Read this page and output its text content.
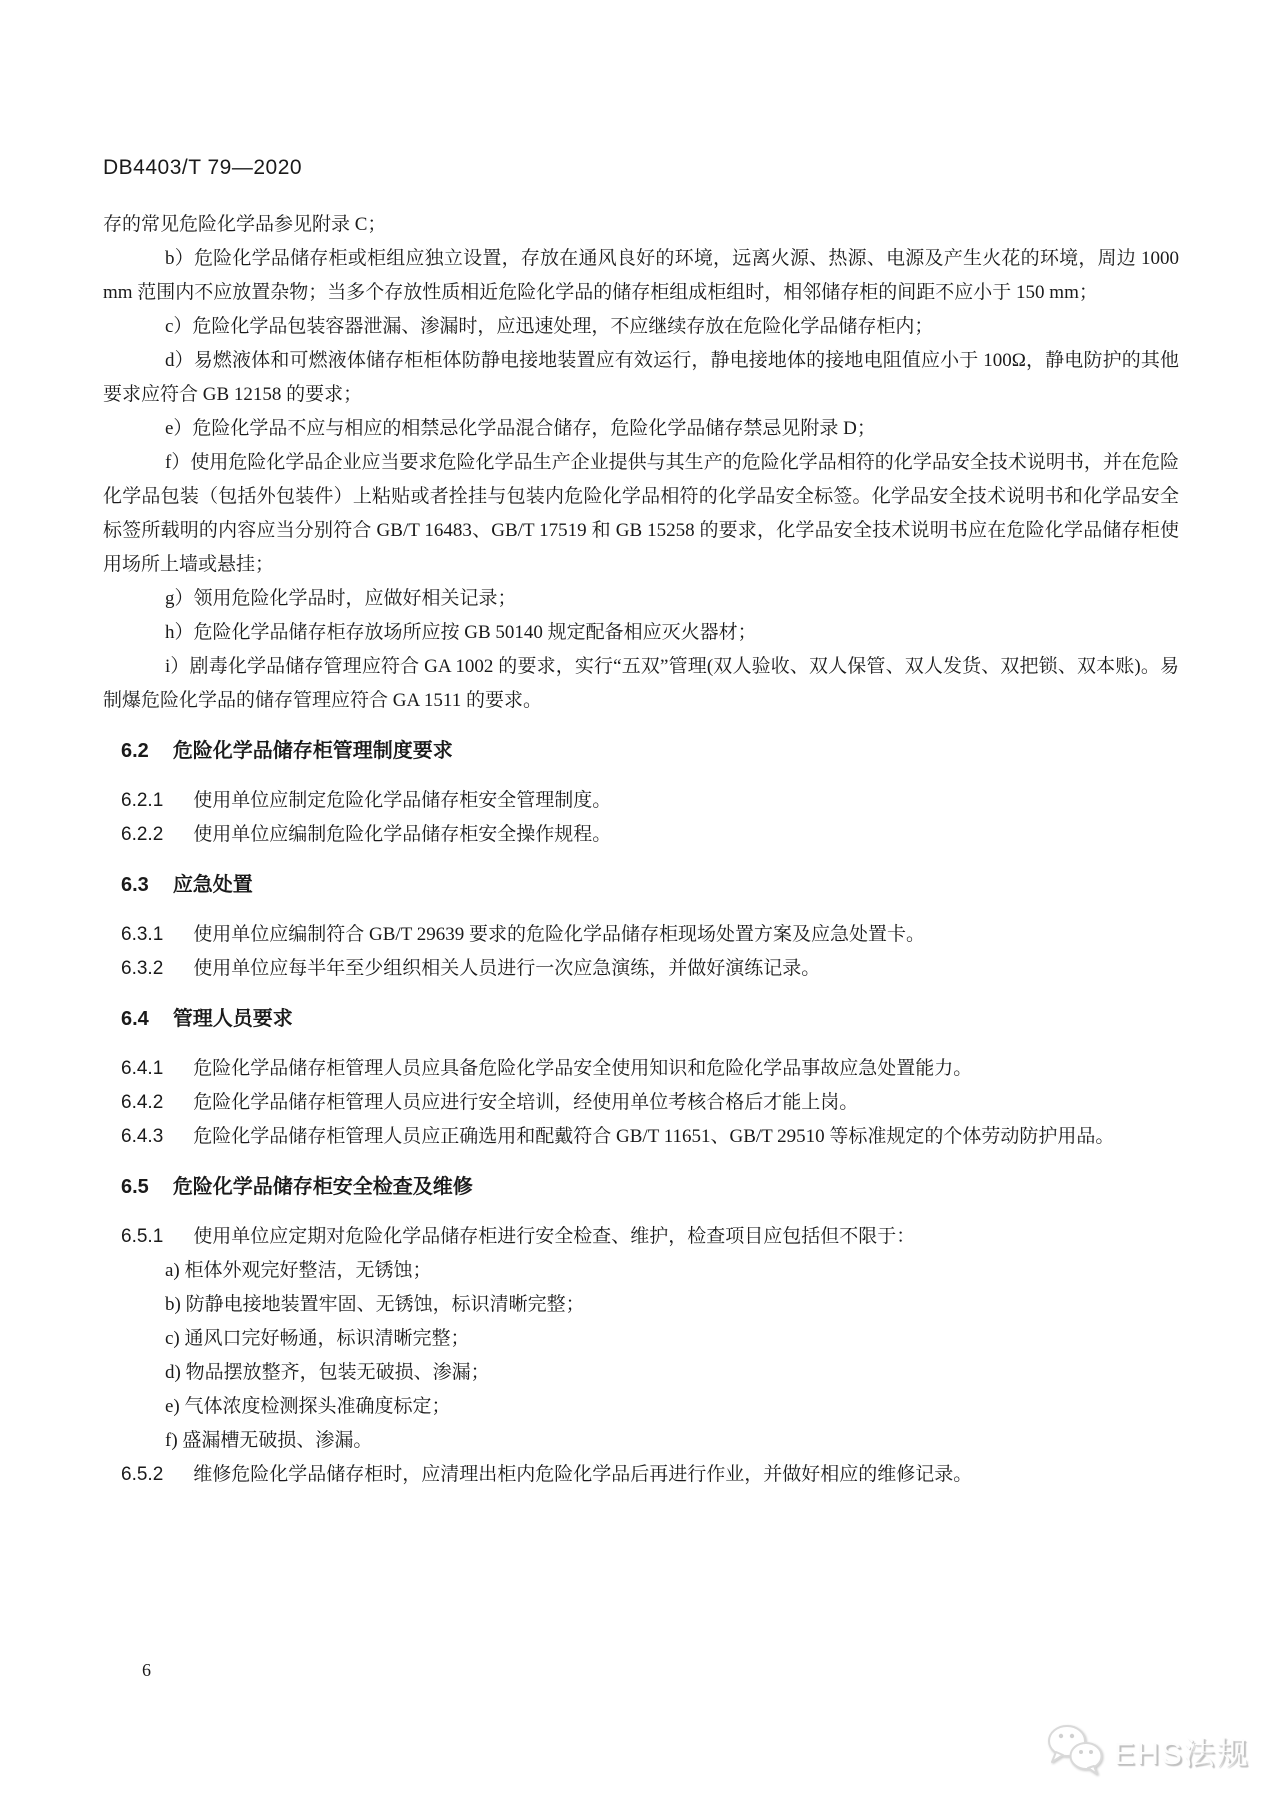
DB4403/T 79—2020

存的常见危险化学品参见附录 C；

b）危险化学品储存柜或柜组应独立设置，存放在通风良好的环境，远离火源、热源、电源及产生火花的环境，周边 1000 mm 范围内不应放置杂物；当多个存放性质相近危险化学品的储存柜组成柜组时，相邻储存柜的间距不应小于 150 mm；

c）危险化学品包装容器泄漏、渗漏时，应迅速处理，不应继续存放在危险化学品储存柜内；

d）易燃液体和可燃液体储存柜柜体防静电接地装置应有效运行，静电接地体的接地电阻值应小于 100Ω，静电防护的其他要求应符合 GB 12158 的要求；

e）危险化学品不应与相应的相禁忌化学品混合储存，危险化学品储存禁忌见附录 D；

f）使用危险化学品企业应当要求危险化学品生产企业提供与其生产的危险化学品相符的化学品安全技术说明书，并在危险化学品包装（包括外包装件）上粘贴或者拴挂与包装内危险化学品相符的化学品安全标签。化学品安全技术说明书和化学品安全标签所载明的内容应当分别符合 GB/T 16483、GB/T 17519 和 GB 15258 的要求，化学品安全技术说明书应在危险化学品储存柜使用场所上墙或悬挂；

g）领用危险化学品时，应做好相关记录；

h）危险化学品储存柜存放场所应按 GB 50140 规定配备相应灭火器材；

i）剧毒化学品储存管理应符合 GA 1002 的要求，实行“五双”管理(双人验收、双人保管、双人发货、双把锁、双本账)。易制爆危险化学品的储存管理应符合 GA 1511 的要求。

6.2 危险化学品储存柜管理制度要求

6.2.1 使用单位应制定危险化学品储存柜安全管理制度。

6.2.2 使用单位应编制危险化学品储存柜安全操作规程。

6.3 应急处置

6.3.1 使用单位应编制符合 GB/T 29639 要求的危险化学品储存柜现场处置方案及应急处置卡。

6.3.2 使用单位应每半年至少组织相关人员进行一次应急演练，并做好演练记录。

6.4 管理人员要求

6.4.1 危险化学品储存柜管理人员应具备危险化学品安全使用知识和危险化学品事故应急处置能力。

6.4.2 危险化学品储存柜管理人员应进行安全培训，经使用单位考核合格后才能上岗。

6.4.3 危险化学品储存柜管理人员应正确选用和配戴符合 GB/T 11651、GB/T 29510 等标准规定的个体劳动防护用品。

6.5 危险化学品储存柜安全检查及维修

6.5.1 使用单位应定期对危险化学品储存柜进行安全检查、维护，检查项目应包括但不限于：

a) 柜体外观完好整洁，无锈蚀；

b) 防静电接地装置牢固、无锈蚀，标识清晰完整；

c) 通风口完好畅通，标识清晰完整；

d) 物品摆放整齐，包装无破损、渗漏；

e) 气体浓度检测探头准确度标定；

f) 盛漏槽无破损、渗漏。

6.5.2 维修危险化学品储存柜时，应清理出柜内危险化学品后再进行作业，并做好相应的维修记录。

6
EHS法规
